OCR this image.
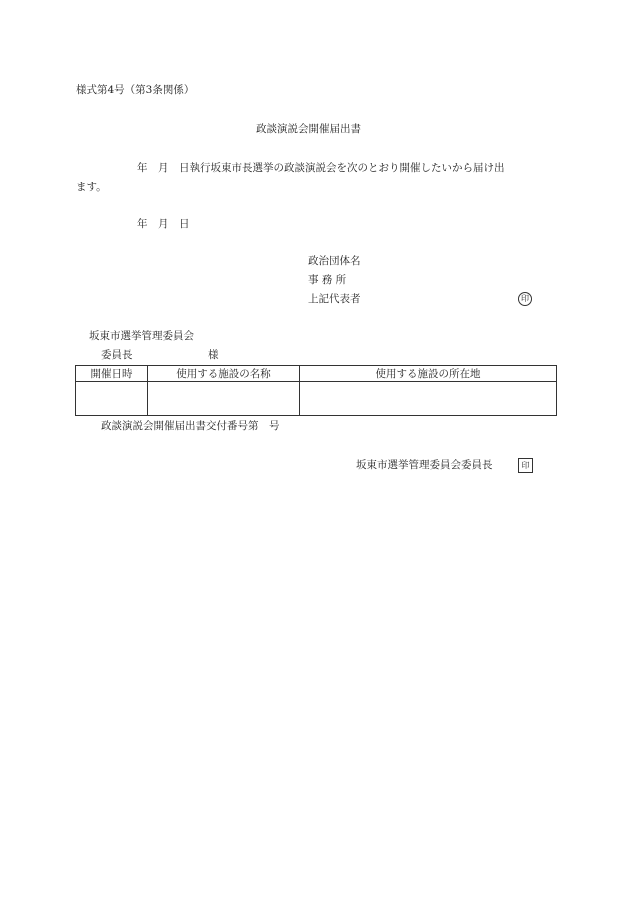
様式第4号（第3条関係）
政談演説会開催届出書
年　月　日執行坂東市長選挙の政談演説会を次のとおり開催したいから届け出
ます。
年　月　日
政治団体名
事 務 所
上記代表者	印
坂東市選挙管理委員会
委員長	様
開催日時	使用する施設の名称	使用する施設の所在地

政談演説会開催届出書交付番号第　号
坂東市選挙管理委員会委員長	印
